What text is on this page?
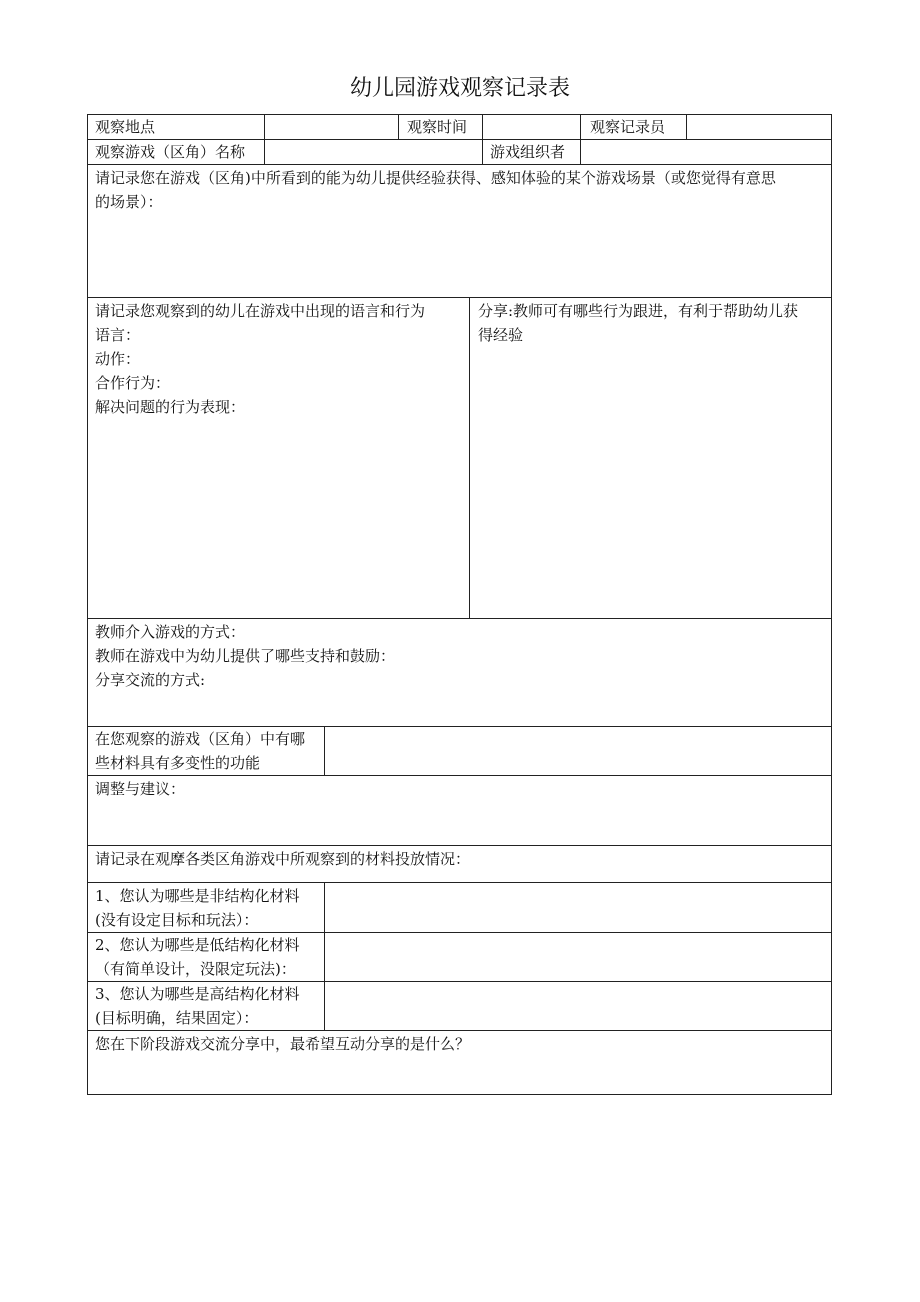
幼儿园游戏观察记录表
观察地点	观察时间	观察记录员
观察游戏（区角）名称	游戏组织者
请记录您在游戏（区角)中所看到的能为幼儿提供经验获得、感知体验的某个游戏场景（或您觉得有意思
的场景）：
请记录您观察到的幼儿在游戏中出现的语言和行为
语言：
动作：
合作行为：
解决问题的行为表现：
分享:教师可有哪些行为跟进，有利于帮助幼儿获
得经验
教师介入游戏的方式：
教师在游戏中为幼儿提供了哪些支持和鼓励：
分享交流的方式:
在您观察的游戏（区角）中有哪
些材料具有多变性的功能
调整与建议：
请记录在观摩各类区角游戏中所观察到的材料投放情况：
1、您认为哪些是非结构化材料
(没有设定目标和玩法）：
2、您认为哪些是低结构化材料
（有简单设计，没限定玩法)：
3、您认为哪些是高结构化材料
(目标明确，结果固定）：
您在下阶段游戏交流分享中，最希望互动分享的是什么？
